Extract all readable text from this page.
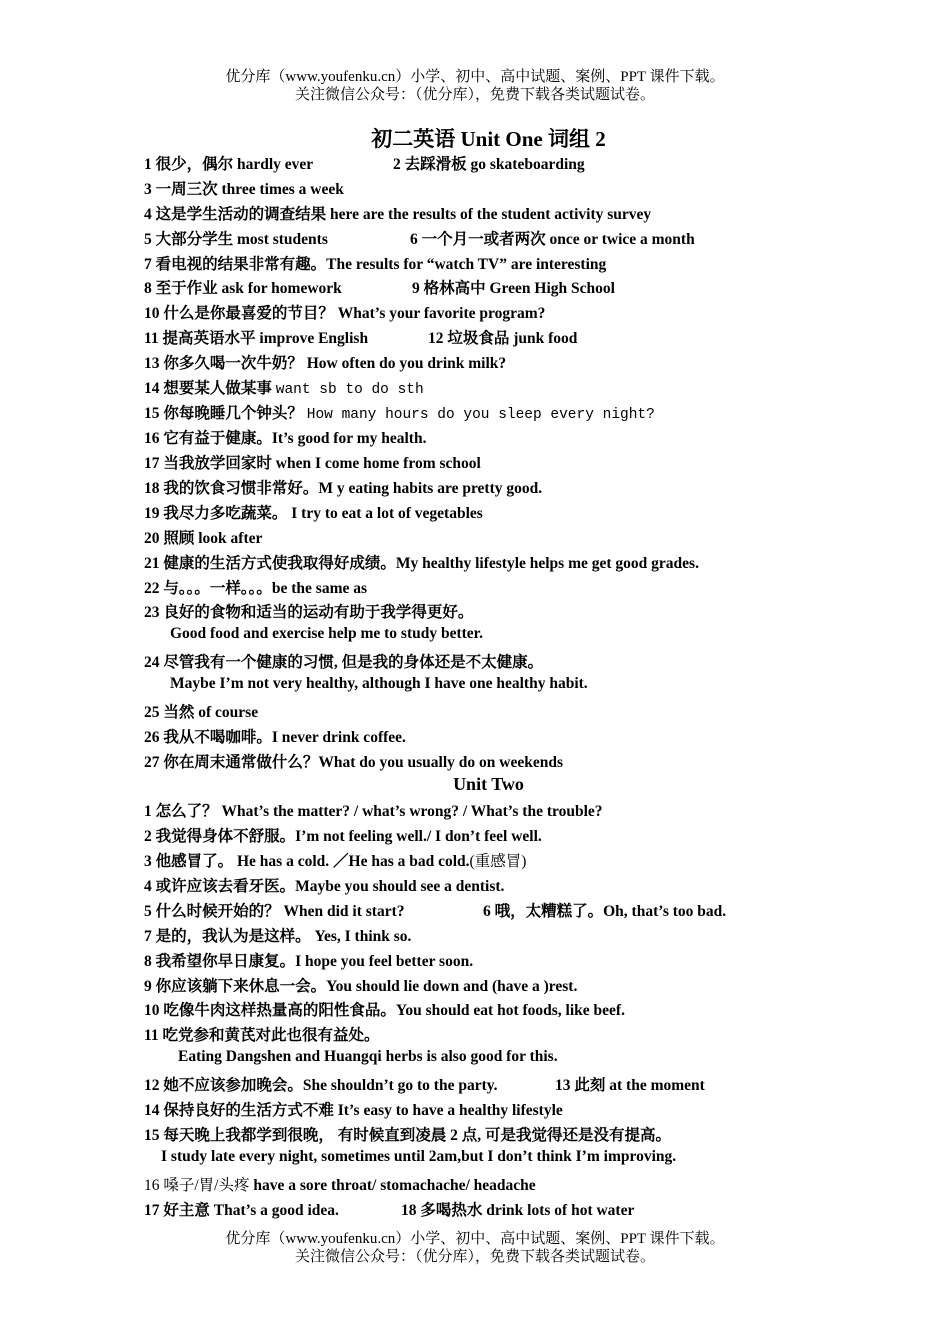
优分库（www.youfenku.cn）小学、初中、高中试题、案例、PPT 课件下载。
关注微信公众号：（优分库），免费下载各类试题试卷。
初二英语 Unit One 词组 2
1 很少，偶尔 hardly ever	2 去踩滑板 go skateboarding
3 一周三次 three times a week
4 这是学生活动的调查结果 here are the results of the student activity survey
5 大部分学生 most students	6 一个月一或者两次 once or twice a month
7 看电视的结果非常有趣。The results for “watch TV” are interesting
8 至于作业 ask for homework	9 格林高中 Green High School
10 什么是你最喜爱的节目？ What’s your favorite program?
11 提高英语水平 improve English	12 垃圾食品 junk food
13 你多久喝一次牛奶？ How often do you drink milk?
14 想要某人做某事 want sb to do sth
15 你每晚睡几个钟头？ How many hours do you sleep every night?
16 它有益于健康。It’s good for my health.
17 当我放学回家时 when I come home from school
18 我的饮食习惯非常好。M y eating habits are pretty good.
19 我尽力多吃蔬菜。 I try to eat a lot of vegetables
20 照顾 look after
21 健康的生活方式使我取得好成绩。My healthy lifestyle helps me get good grades.
22 与。。。一样。。。be the same as
23 良好的食物和适当的运动有助于我学得更好。
Good food and exercise help me to study better.
24 尽管我有一个健康的习惯, 但是我的身体还是不太健康。
Maybe I’m not very healthy, although I have one healthy habit.
25 当然 of course
26 我从不喝咖啡。I never drink coffee.
27 你在周末通常做什么？What do you usually do on weekends
Unit Two
1 怎么了？ What’s the matter? / what’s wrong? / What’s the trouble?
2 我觉得身体不舒服。I’m not feeling well./ I don’t feel well.
3 他感冒了。 He has a cold. ／He has a bad cold.(重感冒)
4 或许应该去看牙医。Maybe you should see a dentist.
5 什么时候开始的？ When did it start?	6 哦，太糟糕了。Oh, that’s too bad.
7 是的，我认为是这样。 Yes, I think so.
8 我希望你早日康复。I hope you feel better soon.
9 你应该躺下来休息一会。You should lie down and (have a )rest.
10 吃像牛肉这样热量高的阳性食品。You should eat hot foods, like beef.
11 吃党参和黄芪对此也很有益处。
Eating Dangshen and Huangqi herbs is also good for this.
12 她不应该参加晚会。She shouldn’t go to the party.	13 此刻 at the moment
14 保持良好的生活方式不难 It’s easy to have a healthy lifestyle
15 每天晚上我都学到很晚， 有时候直到凌晨 2 点, 可是我觉得还是没有提高。
I study late every night, sometimes until 2am,but I don’t think I’m improving.
16 嗓子/胃/头疼 have a sore throat/ stomachache/ headache
17 好主意 That’s a good idea.	18 多喝热水 drink lots of hot water
优分库（www.youfenku.cn）小学、初中、高中试题、案例、PPT 课件下载。
关注微信公众号：（优分库），免费下载各类试题试卷。
